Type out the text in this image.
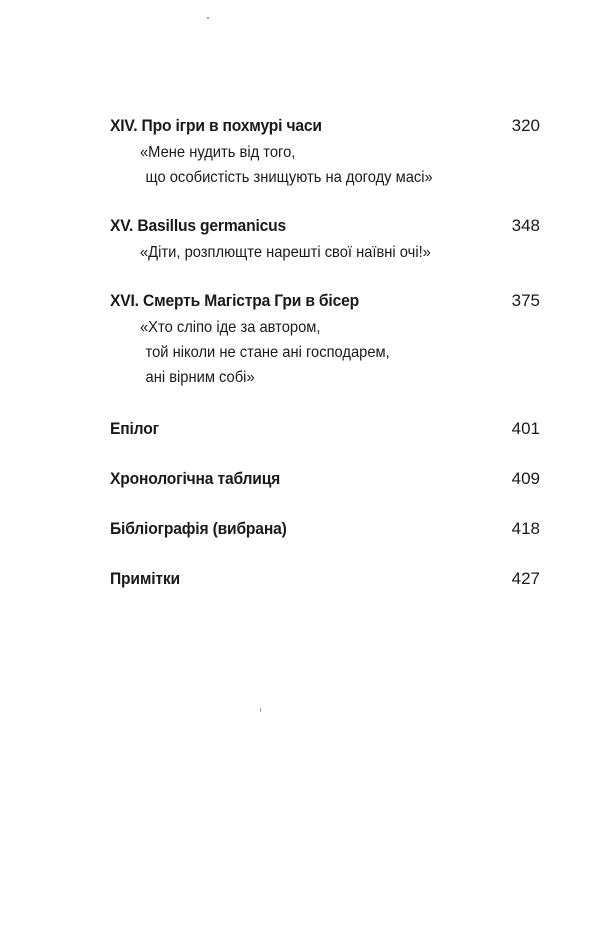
XIV. Про ігри в похмурі часи	320
«Мене нудить від того,
що особистість знищують на догоду масі»
XV. Basillus germanicus	348
«Діти, розплющте нарешті свої наївні очі!»
XVI. Смерть Магістра Гри в бісер	375
«Хто сліпо іде за автором,
той ніколи не стане ані господарем,
ані вірним собі»
Епілог	401
Хронологічна таблиця	409
Бібліографія (вибрана)	418
Примітки	427
